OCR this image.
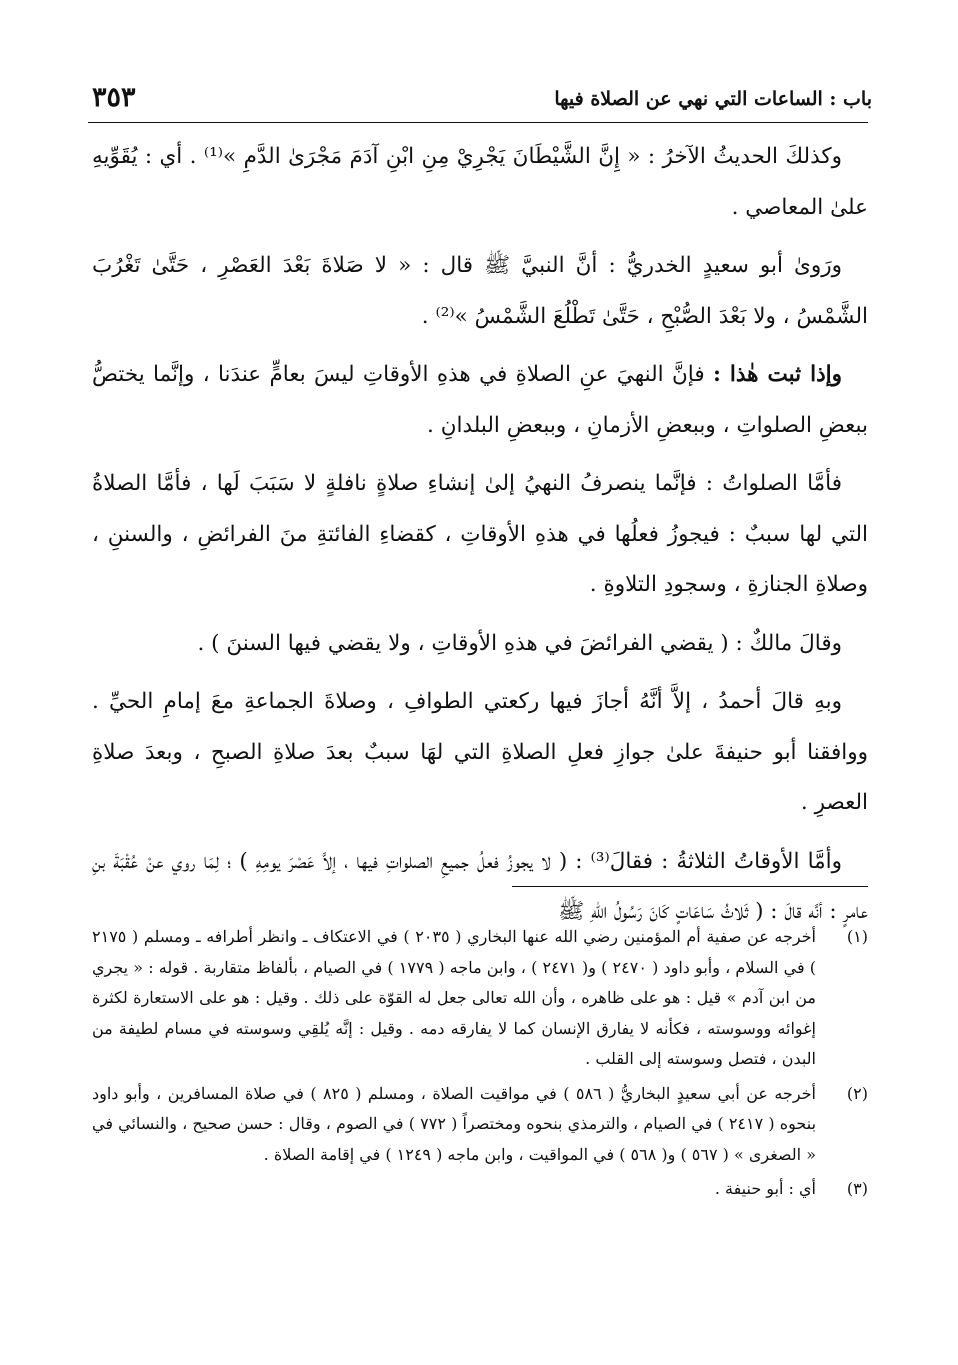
باب : الساعات التي نهي عن الصلاة فيها
٣٥٣

وكذلكَ الحديثُ الآخرُ : « إِنَّ الشَّيْطَانَ يَجْرِيْ مِنِ ابْنِ آدَمَ مَجْرَىٰ الدَّمِ »⁽¹⁾ . أي : يُقَوِّيهِ علىٰ المعاصي .

ورَوىٰ أبو سعيدٍ الخدريُّ : أنَّ النبيَّ ﷺ قال : « لا صَلاةَ بَعْدَ العَصْرِ ، حَتَّىٰ تَغْرُبَ الشَّمْسُ ، ولا بَعْدَ الصُّبْحِ ، حَتَّىٰ تَطْلُعَ الشَّمْسُ »⁽²⁾ .

وإذا ثبت هٰذا : فإنَّ النهيَ عنِ الصلاةِ في هذهِ الأوقاتِ ليسَ بعامٍّ عندَنا ، وإنَّما يختصُّ ببعضِ الصلواتِ ، وببعضِ الأزمانِ ، وببعضِ البلدانِ .

فأمَّا الصلواتُ : فإنَّما ينصرفُ النهيُ إلىٰ إنشاءِ صلاةٍ نافلةٍ لا سَبَبَ لَها ، فأمَّا الصلاةُ التي لها سببٌ : فيجوزُ فعلُها في هذهِ الأوقاتِ ، كقضاءِ الفائتةِ منَ الفرائضِ ، والسننِ ، وصلاةِ الجنازةِ ، وسجودِ التلاوةِ .

وقالَ مالكٌ : ( يقضي الفرائضَ في هذهِ الأوقاتِ ، ولا يقضي فيها السننَ ) .

وبهِ قالَ أحمدُ ، إلاَّ أنَّهُ أجازَ فيها ركعتي الطوافِ ، وصلاةَ الجماعةِ معَ إمامِ الحيِّ . ووافقنا أبو حنيفةَ علىٰ جوازِ فعلِ الصلاةِ التي لهَا سببٌ بعدَ صلاةِ الصبحِ ، وبعدَ صلاةِ العصرِ .

وأمَّا الأوقاتُ الثلاثةُ : فقالَ⁽³⁾ : ( لا يجوزُ فعلُ جميعِ الصلواتِ فيها ، إلاَّ عَصْرَ يومِهِ ) ؛ لِمَا روي عنْ عُقْبَةَ بنِ عامرٍ : أنَّه قالَ : ( ثَلاثُ سَاعَاتٍ كَانَ رَسُولُ اللهِ ﷺ

(١)
أخرجه عن صفية أم المؤمنين رضي الله عنها البخاري ( ٢٠٣٥ ) في الاعتكاف ـ وانظر أطرافه ـ ومسلم ( ٢١٧٥ ) في السلام ، وأبو داود ( ٢٤٧٠ ) و( ٢٤٧١ ) ، وابن ماجه ( ١٧٧٩ ) في الصيام ، بألفاظ متقاربة . قوله : « يجري من ابن آدم » قيل : هو على ظاهره ، وأن الله تعالى جعل له القوّة على ذلك . وقيل : هو على الاستعارة لكثرة إغوائه ووسوسته ، فكأنه لا يفارق الإنسان كما لا يفارقه دمه . وقيل : إنَّه يُلقِي وسوسته في مسام لطيفة من البدن ، فتصل وسوسته إلى القلب .
(٢)
أخرجه عن أبي سعيدٍ البخاريُّ ( ٥٨٦ ) في مواقيت الصلاة ، ومسلم ( ٨٢٥ ) في صلاة المسافرين ، وأبو داود بنحوه ( ٢٤١٧ ) في الصيام ، والترمذي بنحوه ومختصراً ( ٧٧٢ ) في الصوم ، وقال : حسن صحيح ، والنسائي في « الصغرى » ( ٥٦٧ ) و( ٥٦٨ ) في المواقيت ، وابن ماجه ( ١٢٤٩ ) في إقامة الصلاة .
(٣)
أي : أبو حنيفة .
